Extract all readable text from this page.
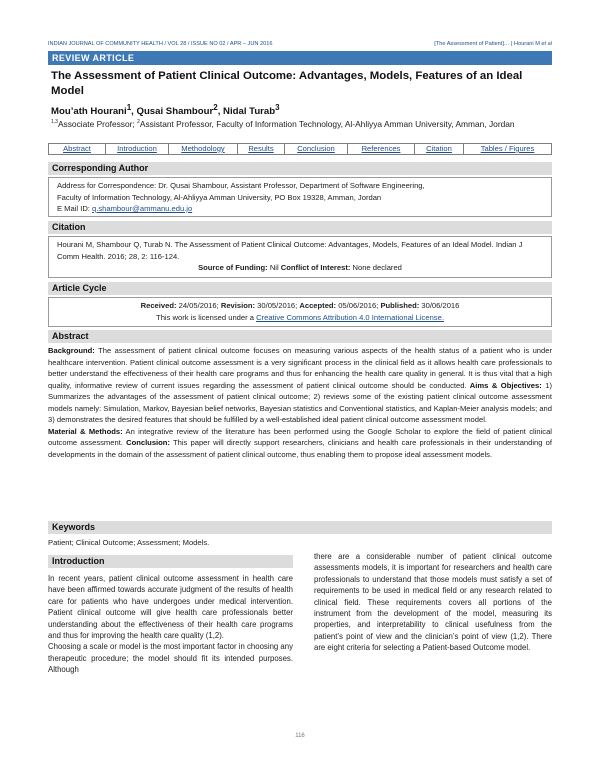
INDIAN JOURNAL OF COMMUNITY HEALTH / VOL 28 / ISSUE NO 02 / APR – JUN 2016	[The Assessment of Patient]… | Hourani M et al
REVIEW ARTICLE
The Assessment of Patient Clinical Outcome: Advantages, Models, Features of an Ideal Model
Mou’ath Hourani$^1$, Qusai Shambour$^2$, Nidal Turab$^3$
$^{1,3}$Associate Professor; $^2$Assistant Professor, Faculty of Information Technology, Al-Ahliyya Amman University, Amman, Jordan
Abstract	Introduction	Methodology	Results	Conclusion	References	Citation	Tables / Figures
Corresponding Author
Address for Correspondence: Dr. Qusai Shambour, Assistant Professor, Department of Software Engineering,
Faculty of Information Technology, Al-Ahliyya Amman University, PO Box 19328, Amman, Jordan
E Mail ID: q.shambour@ammanu.edu.jo
Citation
Hourani M, Shambour Q, Turab N. The Assessment of Patient Clinical Outcome: Advantages, Models, Features of an Ideal Model. Indian J Comm Health. 2016; 28, 2: 116-124.
Source of Funding: Nil Conflict of Interest: None declared
Article Cycle
Received: 24/05/2016; Revision: 30/05/2016; Accepted: 05/06/2016; Published: 30/06/2016
This work is licensed under a Creative Commons Attribution 4.0 International License.
Abstract
Background: The assessment of patient clinical outcome focuses on measuring various aspects of the health status of a patient who is under healthcare intervention. Patient clinical outcome assessment is a very significant process in the clinical field as it allows health care professionals to better understand the effectiveness of their health care programs and thus for enhancing the health care quality in general. It is thus vital that a high quality, informative review of current issues regarding the assessment of patient clinical outcome should be conducted. Aims & Objectives: 1) Summarizes the advantages of the assessment of patient clinical outcome; 2) reviews some of the existing patient clinical outcome assessment models namely: Simulation, Markov, Bayesian belief networks, Bayesian statistics and Conventional statistics, and Kaplan-Meier analysis models; and 3) demonstrates the desired features that should be fulfilled by a well-established ideal patient clinical outcome assessment model.
Material & Methods: An integrative review of the literature has been performed using the Google Scholar to explore the field of patient clinical outcome assessment. Conclusion: This paper will directly support researchers, clinicians and health care professionals in their understanding of developments in the domain of the assessment of patient clinical outcome, thus enabling them to propose ideal assessment models.
Keywords
Patient; Clinical Outcome; Assessment; Models.
Introduction

In recent years, patient clinical outcome assessment in health care have been affirmed towards accurate judgment of the results of health care for patients who have undergoes under medical intervention. Patient clinical outcome will give health care professionals better understanding about the effectiveness of their health care programs and thus for improving the health care quality (1,2).

Choosing a scale or model is the most important factor in choosing any therapeutic procedure; the model should fit its intended purposes. Although

there are a considerable number of patient clinical outcome assessments models, it is important for researchers and health care professionals to understand that those models must satisfy a set of requirements to be used in medical field or any research related to clinical field. These requirements covers all portions of the instrument from the development of the model, measuring its properties, and interpretability to clinical usefulness from the patient’s point of view and the clinician’s point of view (1,2). There are eight criteria for selecting a Patient-based Outcome model.

116
